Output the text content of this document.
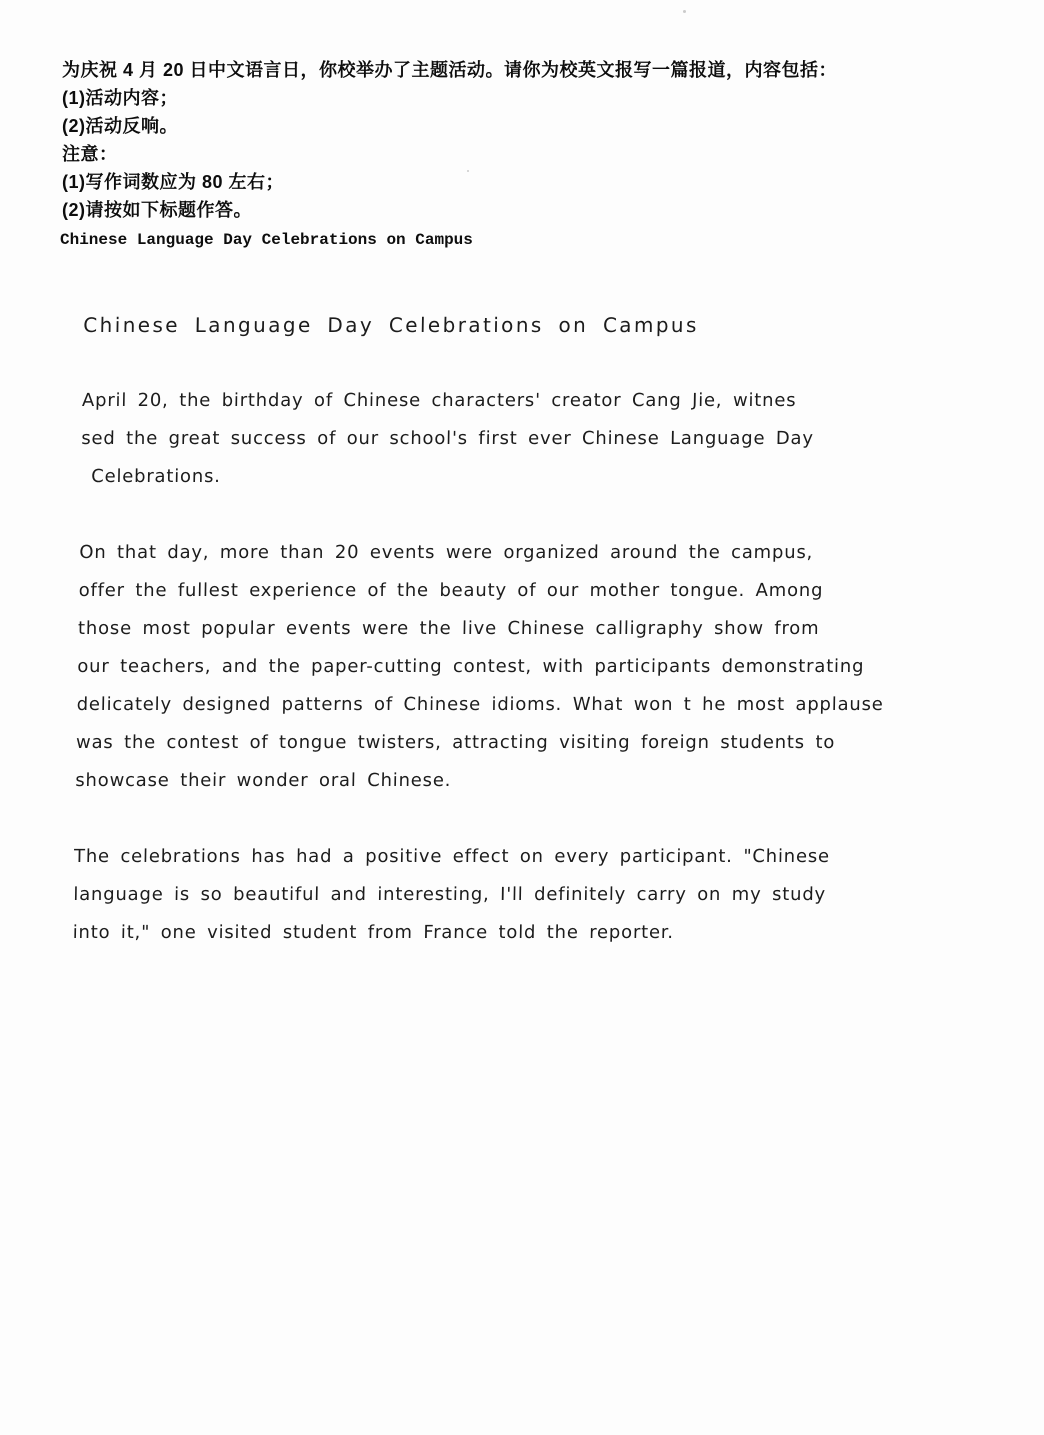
为庆祝 4 月 20 日中文语言日，你校举办了主题活动。请你为校英文报写一篇报道，内容包括：
(1)活动内容；
(2)活动反响。
注意：
(1)写作词数应为 80 左右；
(2)请按如下标题作答。
Chinese Language Day Celebrations on Campus
Chinese Language Day Celebrations on Campus
April 20, the birthday of Chinese characters' creator Cang Jie, witnes
sed the great success of our school's first ever Chinese Language Day
Celebrations.
On that day, more than 20 events were organized around the campus,
offer the fullest experience of the beauty of our mother tongue. Among
those most popular events were the live Chinese calligraphy show from
our teachers, and the paper-cutting contest, with participants demonstrating
delicately designed patterns of Chinese idioms. What won t he most applause
was the contest of tongue twisters, attracting visiting foreign students to
showcase their wonder oral Chinese.
The celebrations has had a positive effect on every participant. "Chinese
language is so beautiful and interesting, I'll definitely carry on my study
into it," one visited student from France told the reporter.
